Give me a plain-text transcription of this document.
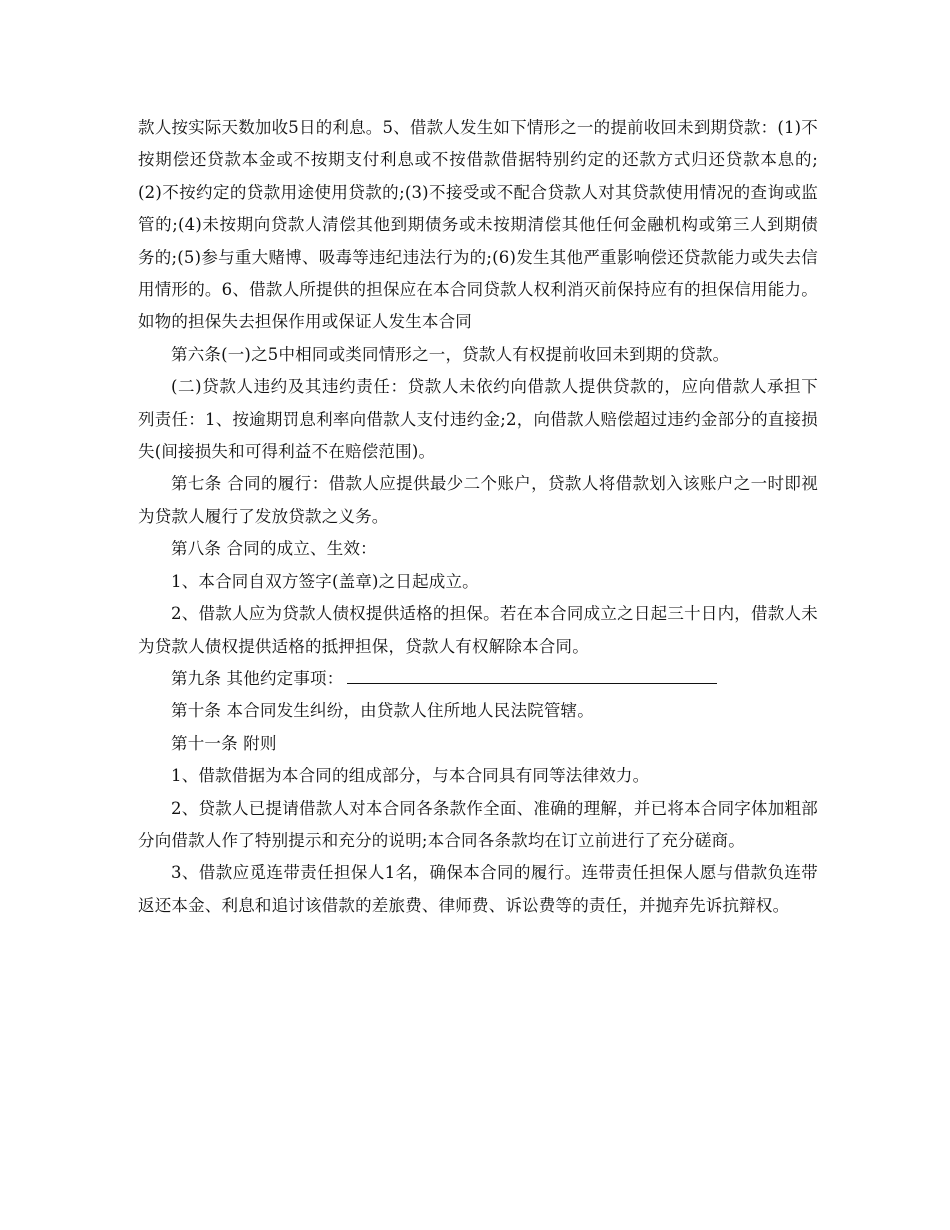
款人按实际天数加收5日的利息。5、借款人发生如下情形之一的提前收回未到期贷款：(1)不按期偿还贷款本金或不按期支付利息或不按借款借据特别约定的还款方式归还贷款本息的;(2)不按约定的贷款用途使用贷款的;(3)不接受或不配合贷款人对其贷款使用情况的查询或监管的;(4)未按期向贷款人清偿其他到期债务或未按期清偿其他任何金融机构或第三人到期债务的;(5)参与重大赌博、吸毒等违纪违法行为的;(6)发生其他严重影响偿还贷款能力或失去信用情形的。6、借款人所提供的担保应在本合同贷款人权利消灭前保持应有的担保信用能力。如物的担保失去担保作用或保证人发生本合同

第六条(一)之5中相同或类同情形之一，贷款人有权提前收回未到期的贷款。

(二)贷款人违约及其违约责任：贷款人未依约向借款人提供贷款的，应向借款人承担下列责任：1、按逾期罚息利率向借款人支付违约金;2，向借款人赔偿超过违约金部分的直接损失(间接损失和可得利益不在赔偿范围)。

第七条 合同的履行：借款人应提供最少二个账户，贷款人将借款划入该账户之一时即视为贷款人履行了发放贷款之义务。

第八条 合同的成立、生效：

1、本合同自双方签字(盖章)之日起成立。

2、借款人应为贷款人债权提供适格的担保。若在本合同成立之日起三十日内，借款人未为贷款人债权提供适格的抵押担保，贷款人有权解除本合同。

第九条 其他约定事项：

第十条 本合同发生纠纷，由贷款人住所地人民法院管辖。

第十一条 附则

1、借款借据为本合同的组成部分，与本合同具有同等法律效力。

2、贷款人已提请借款人对本合同各条款作全面、准确的理解，并已将本合同字体加粗部分向借款人作了特别提示和充分的说明;本合同各条款均在订立前进行了充分磋商。

3、借款应觅连带责任担保人1名，确保本合同的履行。连带责任担保人愿与借款负连带返还本金、利息和追讨该借款的差旅费、律师费、诉讼费等的责任，并抛弃先诉抗辩权。
